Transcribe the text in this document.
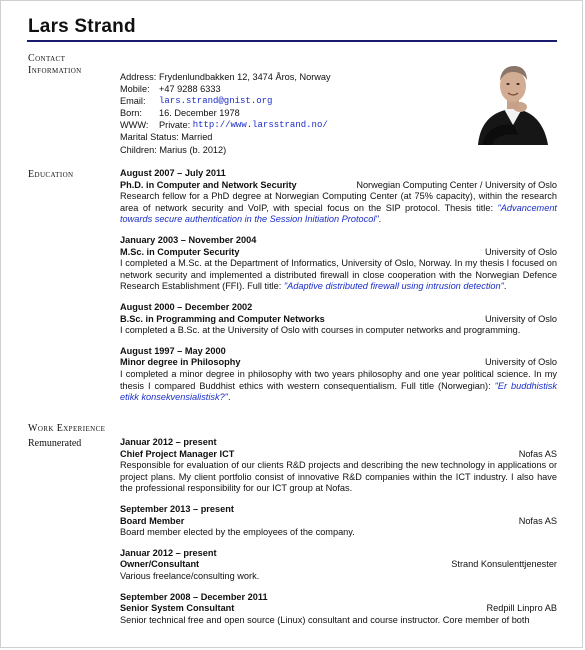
Lars Strand
Contact
Information
Address: Frydenlundbakken 12, 3474 Åros, Norway
Mobile:	+47 9288 6333
Email:	lars.strand@gnist.org
Born:	16. December 1978
WWW:	Private:
http://www.larsstrand.no/
Marital Status: Married
Children: Marius (b. 2012)
Education	August 2007 – July 2011
Ph.D. in Computer and Network Security	Norwegian Computing Center / University of Oslo
Research fellow for a PhD degree at Norwegian Computing Center (at 75% capacity), within the research area of network security and VoIP, with special focus on the SIP protocol. Thesis title: "Advancement towards secure authentication in the Session Initiation Protocol".
January 2003 – November 2004
M.Sc. in Computer Security	University of Oslo
I completed a M.Sc. at the Department of Informatics, University of Oslo, Norway. In my thesis I focused on network security and implemented a distributed firewall in close cooperation with the Norwegian Defence Research Establishment (FFI). Full title: "Adaptive distributed firewall using intrusion detection".
August 2000 – December 2002
B.Sc. in Programming and Computer Networks	University of Oslo
I completed a B.Sc. at the University of Oslo with courses in computer networks and programming.
August 1997 – May 2000
Minor degree in Philosophy	University of Oslo
I completed a minor degree in philosophy with two years philosophy and one year political science. In my thesis I compared Buddhist ethics with western consequentialism. Full title (Norwegian): "Er buddhistisk etikk konsekvensialistisk?".
Work Experience
Remunerated	Januar 2012 – present
Chief Project Manager ICT	Nofas AS
Responsible for evaluation of our clients R&D projects and describing the new technology in applications or project plans. My client portfolio consist of innovative R&D companies within the ICT industry. I also have the professional responsibility for our ICT group at Nofas.
September 2013 – present
Board Member	Nofas AS
Board member elected by the employees of the company.
Januar 2012 – present
Owner/Consultant	Strand Konsulenttjenester
Various freelance/consulting work.
September 2008 – December 2011
Senior System Consultant	Redpill Linpro AB
Senior technical free and open source (Linux) consultant and course instructor. Core member of both
